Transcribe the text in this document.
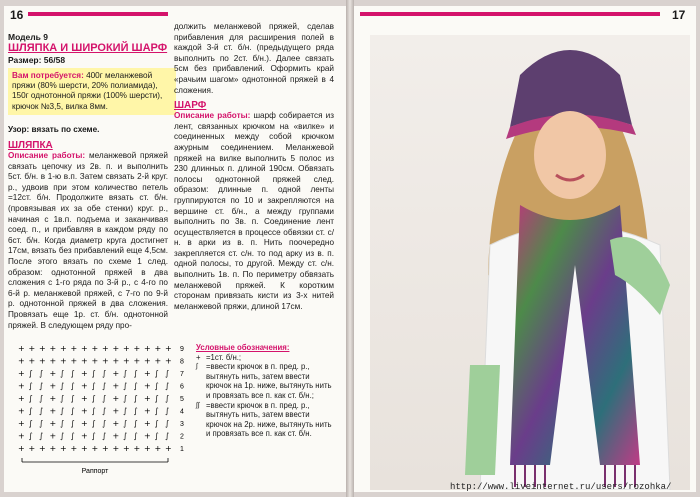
16
Модель 9
ШЛЯПКА И ШИРОКИЙ ШАРФ
Размер: 56/58
Вам потребуется: 400г меланжевой пряжи (80% шерсти, 20% полиамида), 150г однотонной пряжи (100% шерсти), крючок №3,5, вилка 8мм.
Узор: вязать по схеме.
ШЛЯПКА
Описание работы: меланжевой пряжей связать цепочку из 2в. п. и выполнить 5ст. б/н. в 1-ю в.п. Затем связать 2-й круг. р., удвоив при этом количество петель =12ст. б/н. Продолжите вязать ст. б/н. (провязывая их за обе стенки) круг. р., начиная с 1в.п. подъема и заканчивая соед. п., и прибавляя в каждом ряду по 6ст. б/н. Когда диаметр круга достигнет 17см, вязать без прибавлений еще 4,5см. После этого вязать по схеме 1 след. образом: однотонной пряжей в два сложения с 1-го ряда по 3-й р., с 4-го по 6-й р. меланжевой пряжей, с 7-го по 9-й р. однотонной пряжей в два сложения. Провязать еще 1р. ст. б/н. однотонной пряжей. В следующем ряду про-
должить меланжевой пряжей, сделав прибавления для расширения полей в каждой 3-й ст. б/н. (предыдущего ряда выполнить по 2ст. б/н.). Далее связать 5см без прибавлений. Оформить край «рачьим шагом» однотонной пряжей в 4 сложения.
ШАРФ
Описание работы: шарф собирается из лент, связанных крючком на «вилке» и соединенных между собой крючком ажурным соединением. Меланжевой пряжей на вилке выполнить 5 полос из 230 длинных п. длиной 190см. Обвязать полосы однотонной пряжей след. образом: длинные п. одной ленты группируются по 10 и закрепляются на вершине ст. б/н., а между группами выполнить по 3в. п. Соединение лент осуществляется в процессе обвязки ст. с/н. в арки из в. п. Нить поочередно закрепляется ст. с/н. то под арку из в. п. одной полосы, то другой. Между ст. с/н. выполнить 1в. п. По периметру обвязать меланжевой пряжей. К коротким сторонам привязать кисти из 3-х нитей меланжевой пряжи, длиной 17см.
9
+ + + + + + + + + + + + + + +
8
+ + + + + + + + + + + + + + +
7
+ ∫ ∫ + ∫ ∫ + ∫ ∫ + ∫ ∫ + ∫ ∫
6
+ ∫ ∫ + ∫ ∫ + ∫ ∫ + ∫ ∫ + ∫ ∫
5
+ ∫ ∫ + ∫ ∫ + ∫ ∫ + ∫ ∫ + ∫ ∫
4
+ ∫ ∫ + ∫ ∫ + ∫ ∫ + ∫ ∫ + ∫ ∫
3
+ ∫ ∫ + ∫ ∫ + ∫ ∫ + ∫ ∫ + ∫ ∫
2
+ ∫ ∫ + ∫ ∫ + ∫ ∫ + ∫ ∫ + ∫ ∫
1
+ + + + + + + + + + + + + + +
Раппорт
Условные обозначения:
+ =1ст. б/н.;
∫ =ввести крючок в п. пред. р., вытянуть нить, затем ввести крючок на 1р. ниже, вытянуть нить и провязать все п. как ст. б/н.;
∫∫ =ввести крючок в п. пред. р., вытянуть нить, затем ввести крючок на 2р. ниже, вытянуть нить и провязать все п. как ст. б/н.
17
http://www.liveinternet.ru/users/rozohka/
